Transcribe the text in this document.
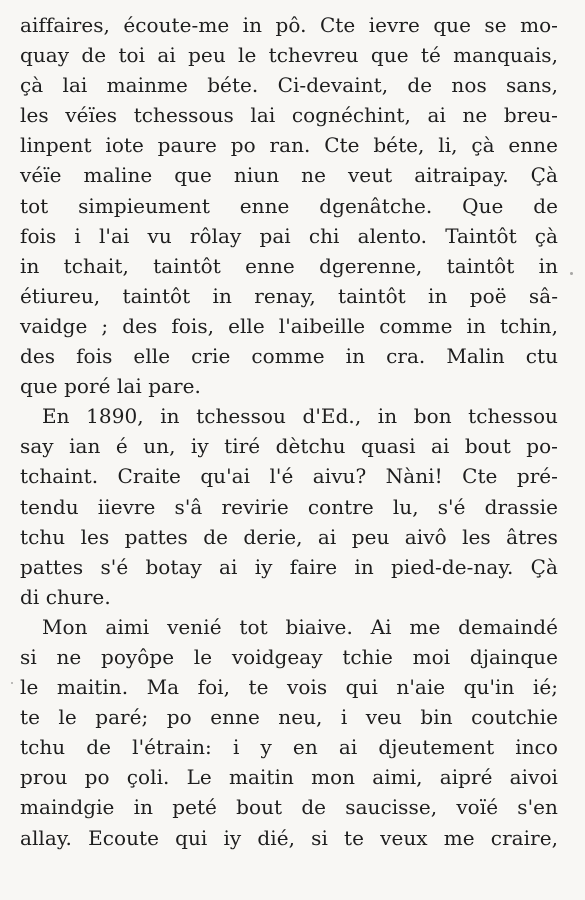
aiffaires, écoute-me in pô. Cte ievre que se mo-
quay de toi ai peu le tchevreu que té manquais,
çà lai mainme béte. Ci-devaint, de nos sans,
les véïes tchessous lai cognéchint, ai ne breu-
linpent iote paure po ran. Cte béte, li, çà enne
véïe maline que niun ne veut aitraipay. Çà
tot simpieument enne dgenâtche. Que de
fois i l'ai vu rôlay pai chi alento. Taintôt çà
in tchait, taintôt enne dgerenne, taintôt in
étiureu, taintôt in renay, taintôt in poë sâ-
vaidge ; des fois, elle l'aibeille comme in tchin,
des fois elle crie comme in cra. Malin ctu
que poré lai pare.
En 1890, in tchessou d'Ed., in bon tchessou
say ian é un, iy tiré dètchu quasi ai bout po-
tchaint. Craite qu'ai l'é aivu? Nàni! Cte pré-
tendu iievre s'â revirie contre lu, s'é drassie
tchu les pattes de derie, ai peu aivô les âtres
pattes s'é botay ai iy faire in pied-de-nay. Çà
di chure.
Mon aimi venié tot biaive. Ai me demaindé
si ne poyôpe le voidgeay tchie moi djainque
le maitin. Ma foi, te vois qui n'aie qu'in ié;
te le paré; po enne neu, i veu bin coutchie
tchu de l'étrain: i y en ai djeutement inco
prou po çoli. Le maitin mon aimi, aipré aivoi
maindgie in peté bout de saucisse, voïé s'en
allay. Ecoute qui iy dié, si te veux me craire,
